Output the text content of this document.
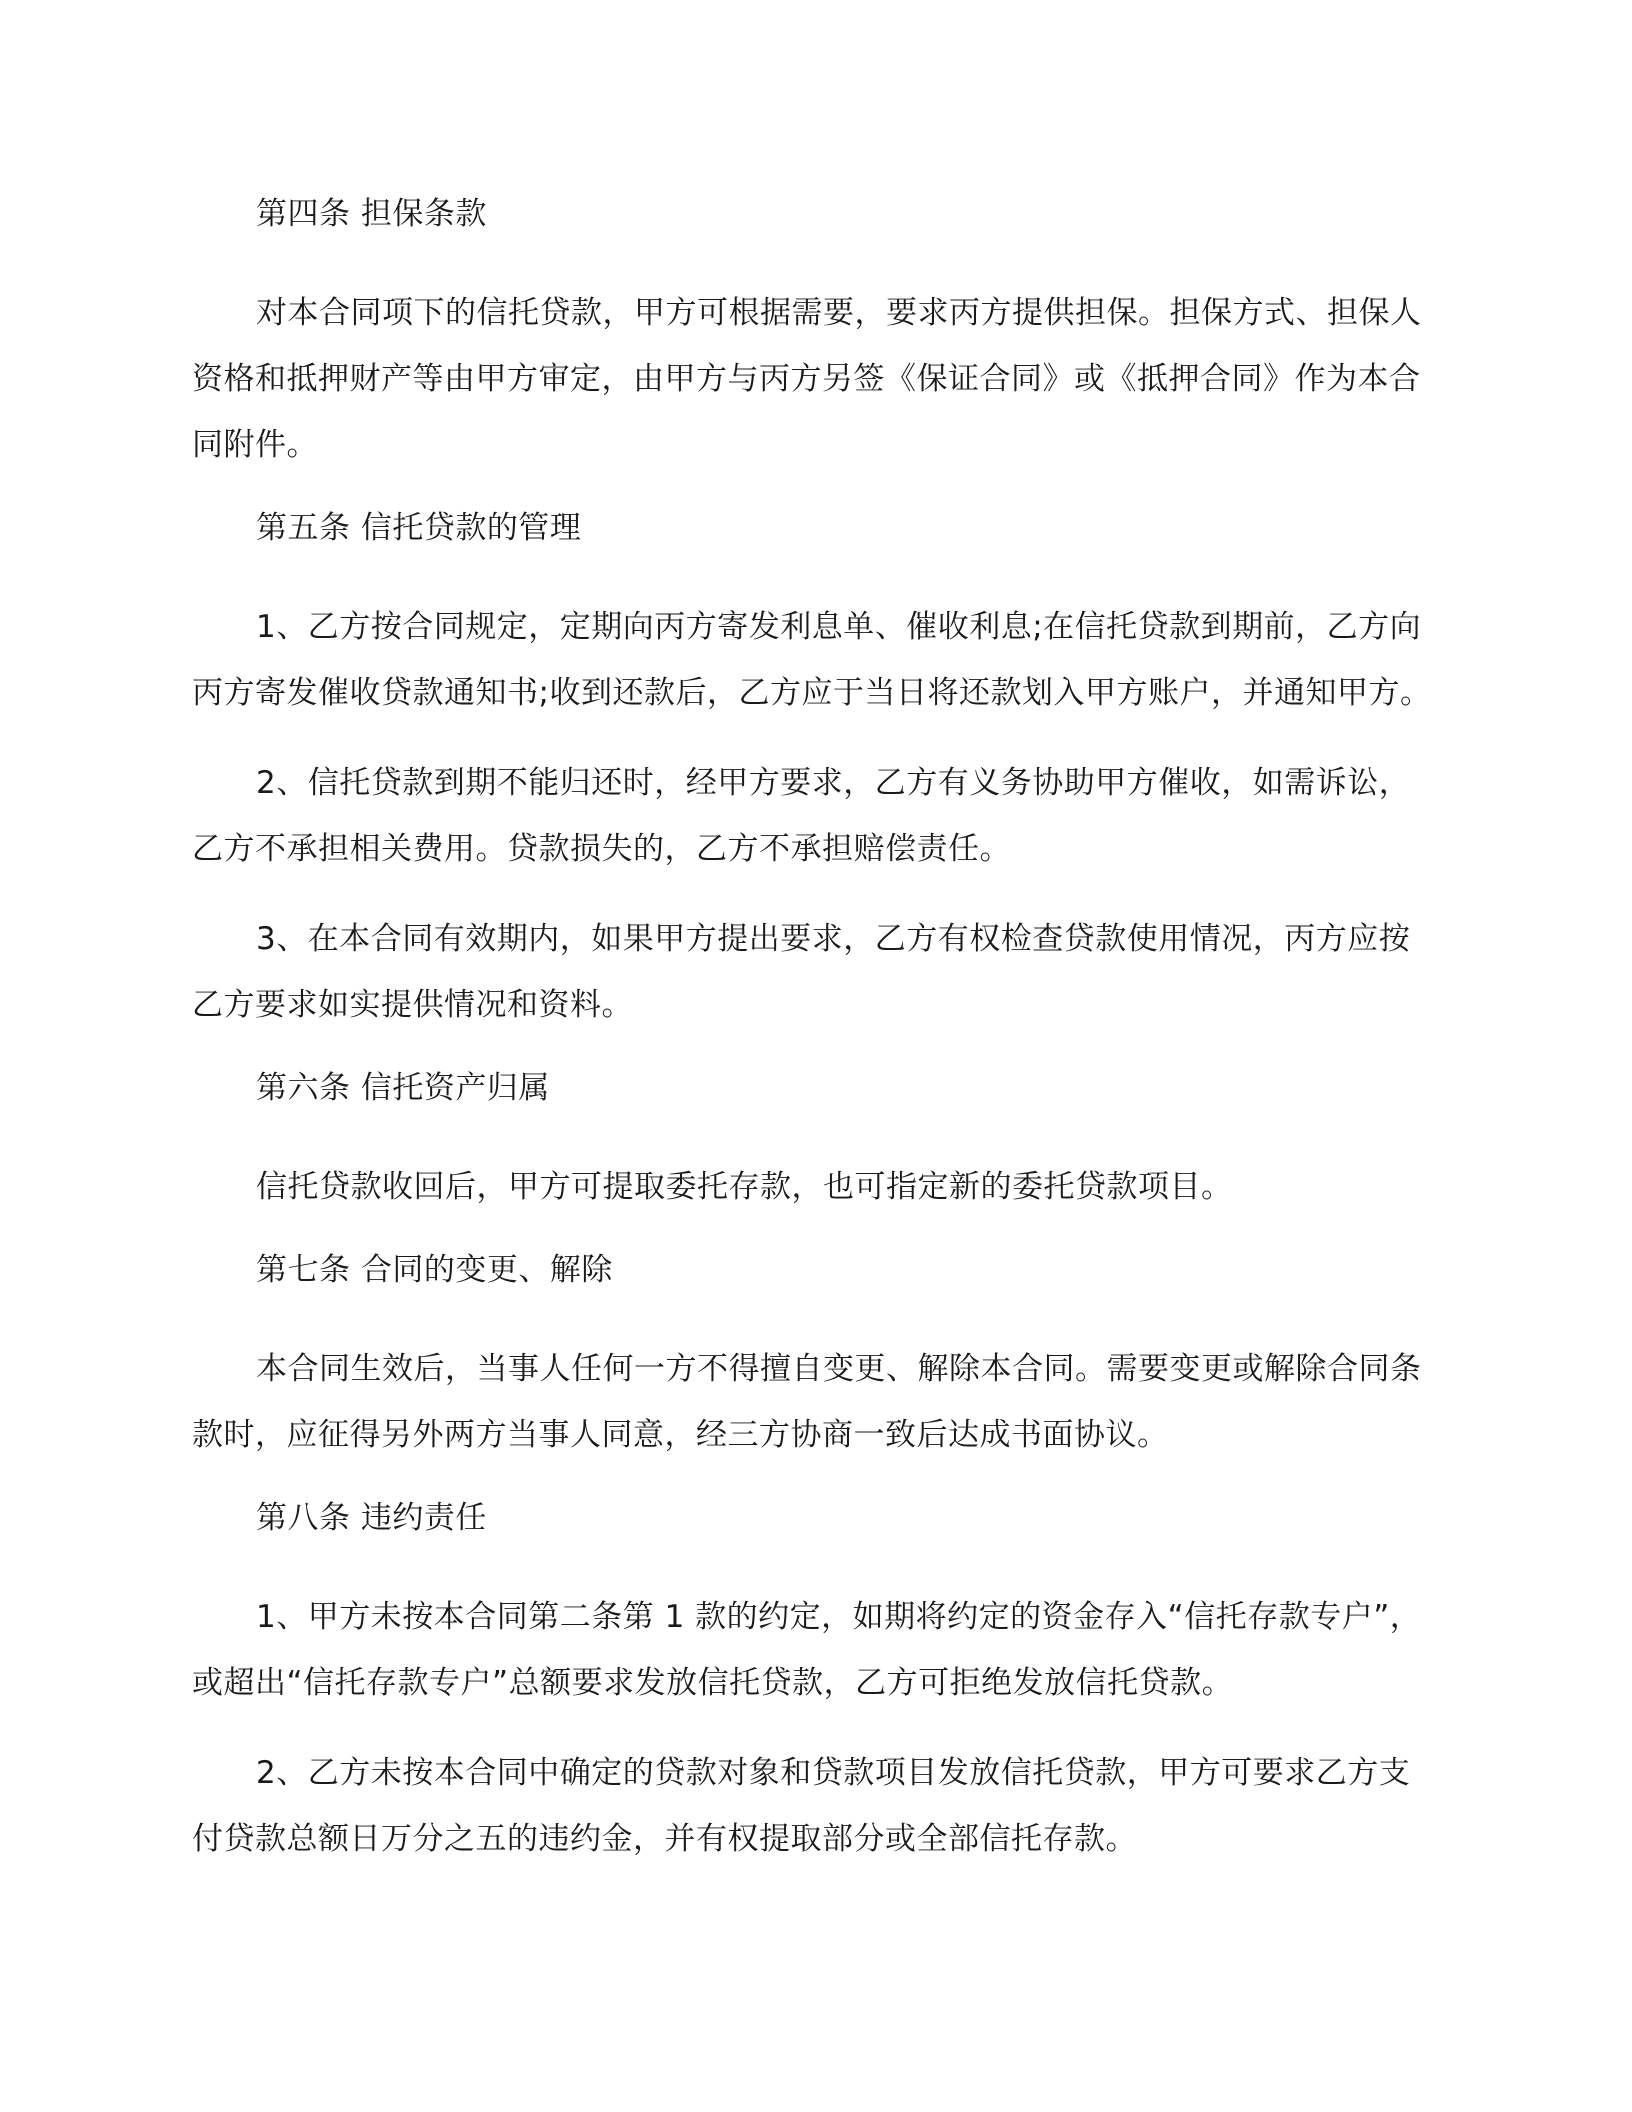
第四条 担保条款

对本合同项下的信托贷款，甲方可根据需要，要求丙方提供担保。担保方式、担保人资格和抵押财产等由甲方审定，由甲方与丙方另签《保证合同》或《抵押合同》作为本合同附件。

第五条 信托贷款的管理

1、乙方按合同规定，定期向丙方寄发利息单、催收利息;在信托贷款到期前，乙方向丙方寄发催收贷款通知书;收到还款后，乙方应于当日将还款划入甲方账户，并通知甲方。

2、信托贷款到期不能归还时，经甲方要求，乙方有义务协助甲方催收，如需诉讼，乙方不承担相关费用。贷款损失的，乙方不承担赔偿责任。

3、在本合同有效期内，如果甲方提出要求，乙方有权检查贷款使用情况，丙方应按乙方要求如实提供情况和资料。

第六条 信托资产归属

信托贷款收回后，甲方可提取委托存款，也可指定新的委托贷款项目。

第七条 合同的变更、解除

本合同生效后，当事人任何一方不得擅自变更、解除本合同。需要变更或解除合同条款时，应征得另外两方当事人同意，经三方协商一致后达成书面协议。

第八条 违约责任

1、甲方未按本合同第二条第 1 款的约定，如期将约定的资金存入“信托存款专户”，或超出“信托存款专户”总额要求发放信托贷款，乙方可拒绝发放信托贷款。

2、乙方未按本合同中确定的贷款对象和贷款项目发放信托贷款，甲方可要求乙方支付贷款总额日万分之五的违约金，并有权提取部分或全部信托存款。
